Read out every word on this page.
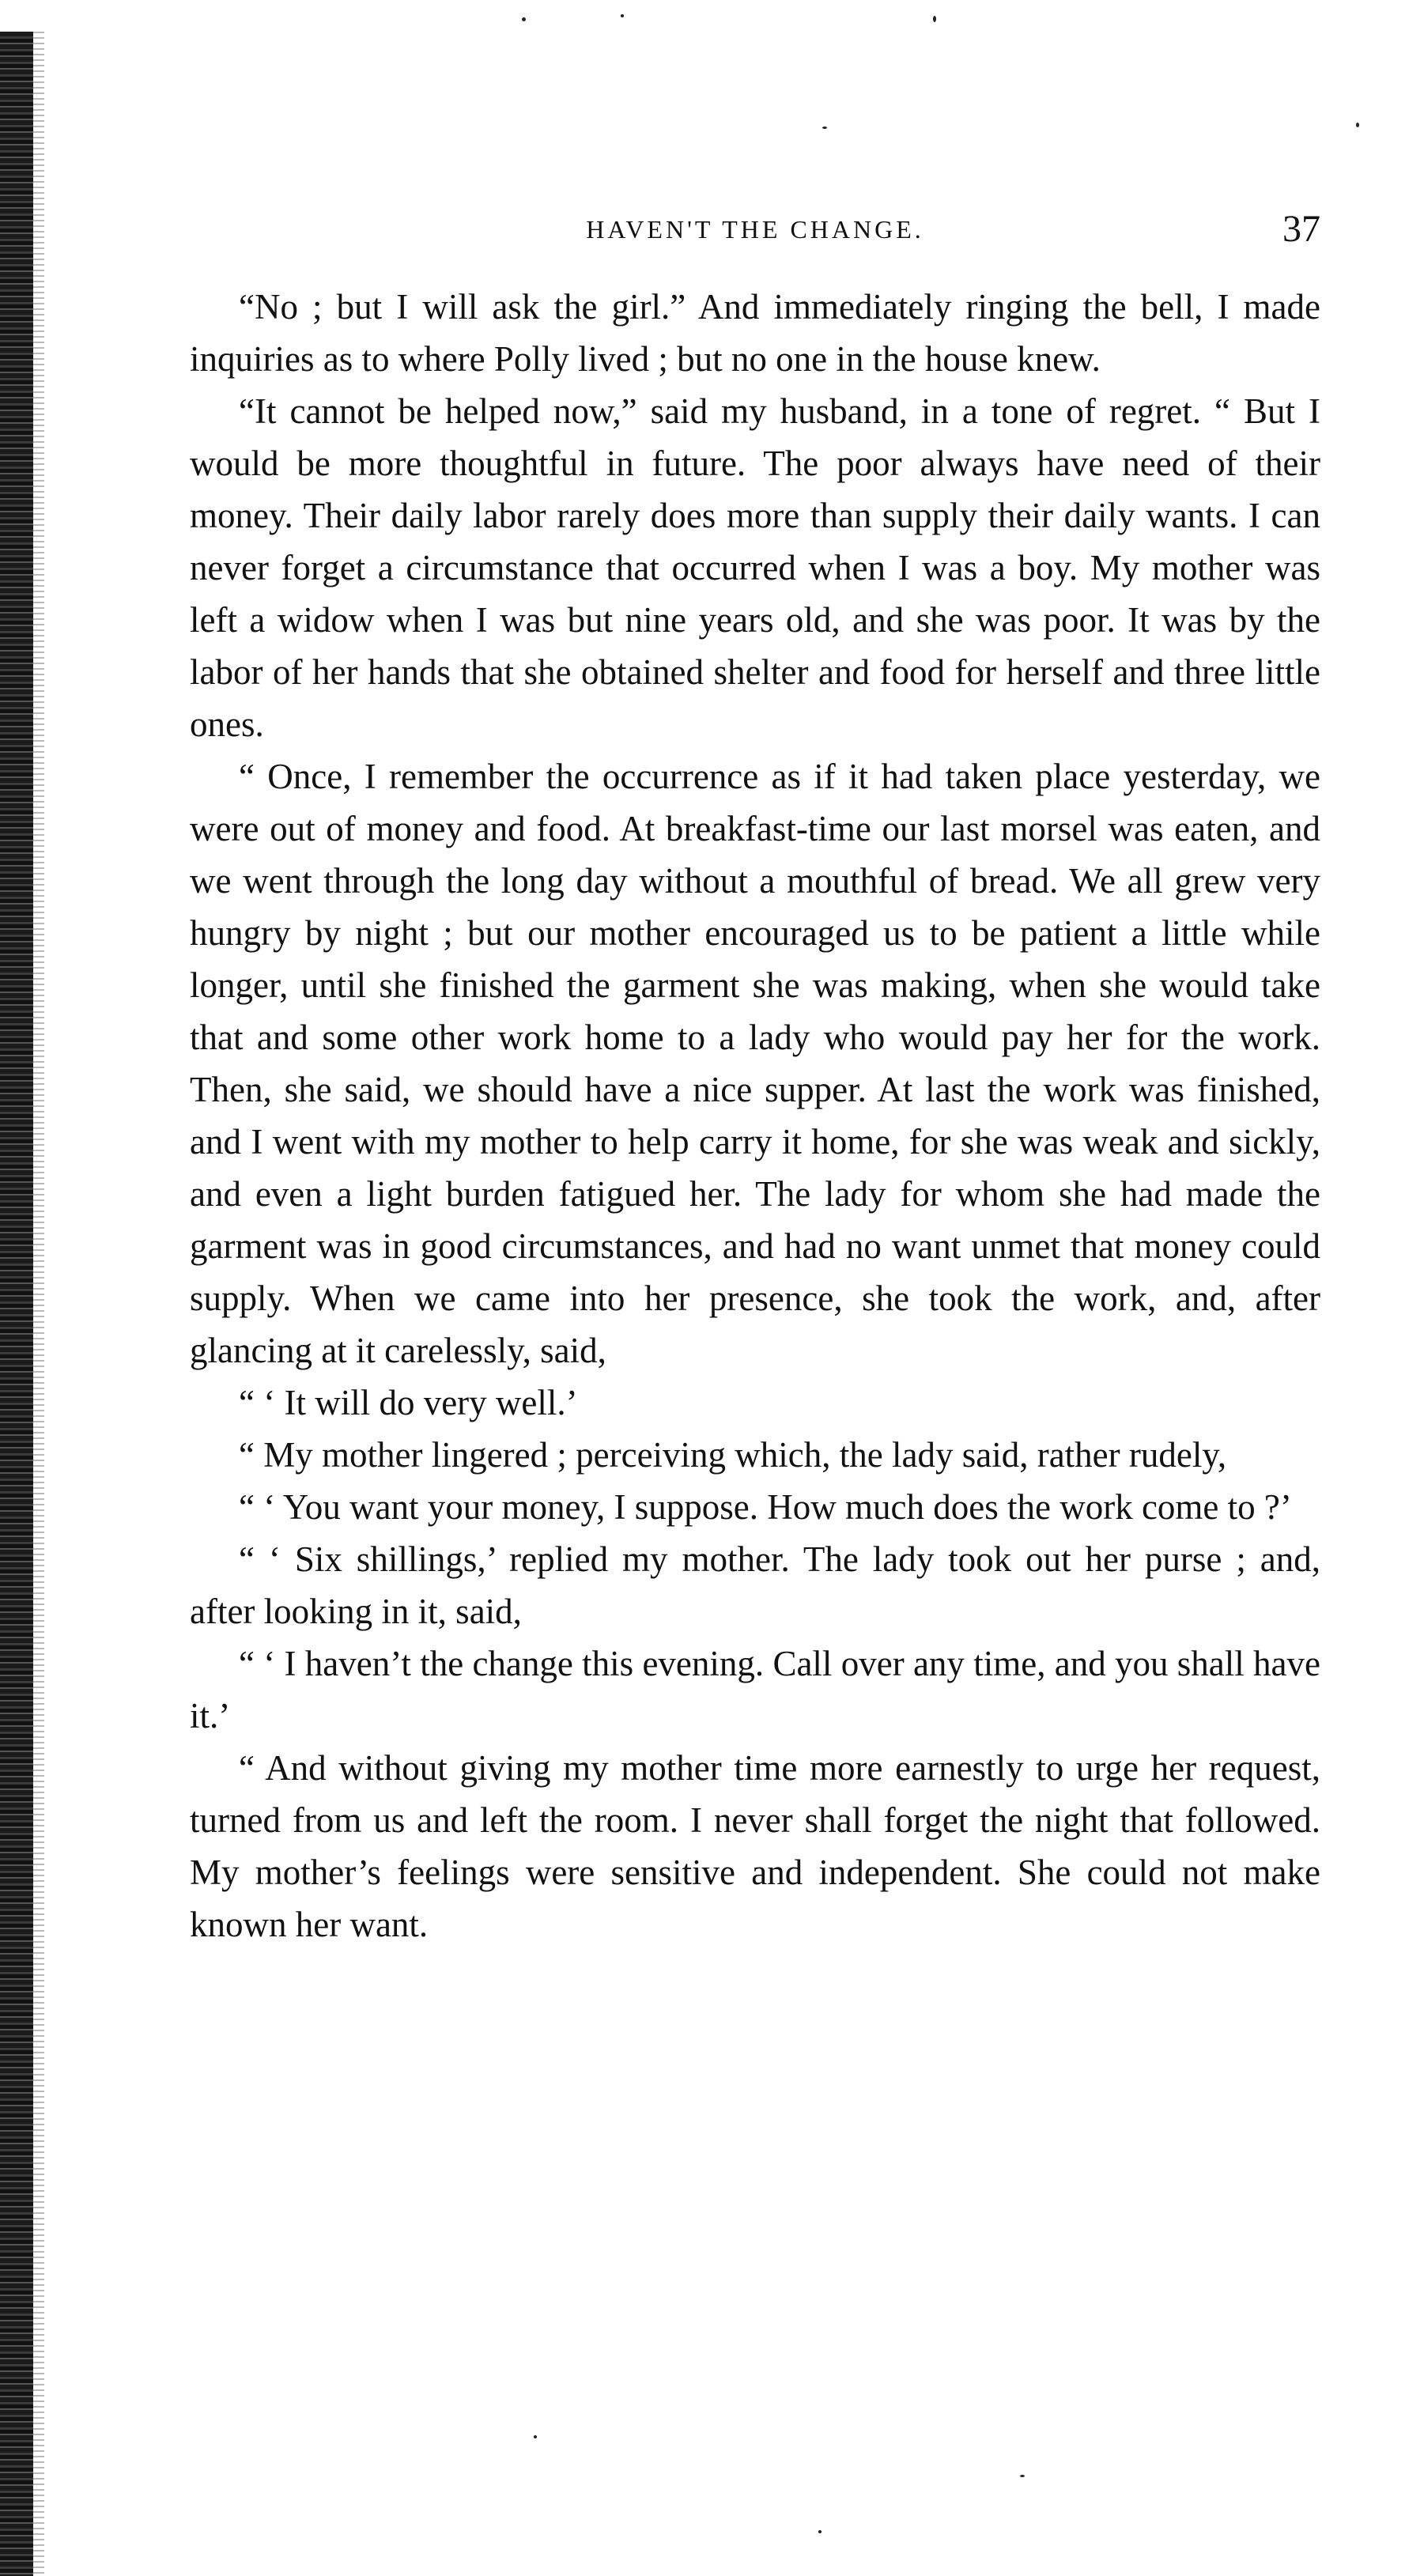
HAVEN'T THE CHANGE.	37

“No ; but I will ask the girl.” And immediately ringing the bell, I made inquiries as to where Polly lived ; but no one in the house knew.

“It cannot be helped now,” said my husband, in a tone of regret. “ But I would be more thoughtful in future. The poor always have need of their money. Their daily labor rarely does more than supply their daily wants. I can never forget a circumstance that occurred when I was a boy. My mother was left a widow when I was but nine years old, and she was poor. It was by the labor of her hands that she obtained shelter and food for herself and three little ones.

“ Once, I remember the occurrence as if it had taken place yesterday, we were out of money and food. At breakfast-time our last morsel was eaten, and we went through the long day without a mouthful of bread. We all grew very hungry by night ; but our mother encouraged us to be patient a little while longer, until she finished the garment she was making, when she would take that and some other work home to a lady who would pay her for the work. Then, she said, we should have a nice supper. At last the work was finished, and I went with my mother to help carry it home, for she was weak and sickly, and even a light burden fatigued her. The lady for whom she had made the garment was in good circumstances, and had no want unmet that money could supply. When we came into her presence, she took the work, and, after glancing at it carelessly, said,

“ ‘ It will do very well.’

“ My mother lingered ; perceiving which, the lady said, rather rudely,

“ ‘ You want your money, I suppose. How much does the work come to ?’

“ ‘ Six shillings,’ replied my mother. The lady took out her purse ; and, after looking in it, said,

“ ‘ I haven’t the change this evening. Call over any time, and you shall have it.’

“ And without giving my mother time more earnestly to urge her request, turned from us and left the room. I never shall forget the night that followed. My mother’s feelings were sensitive and independent. She could not make known her want.
